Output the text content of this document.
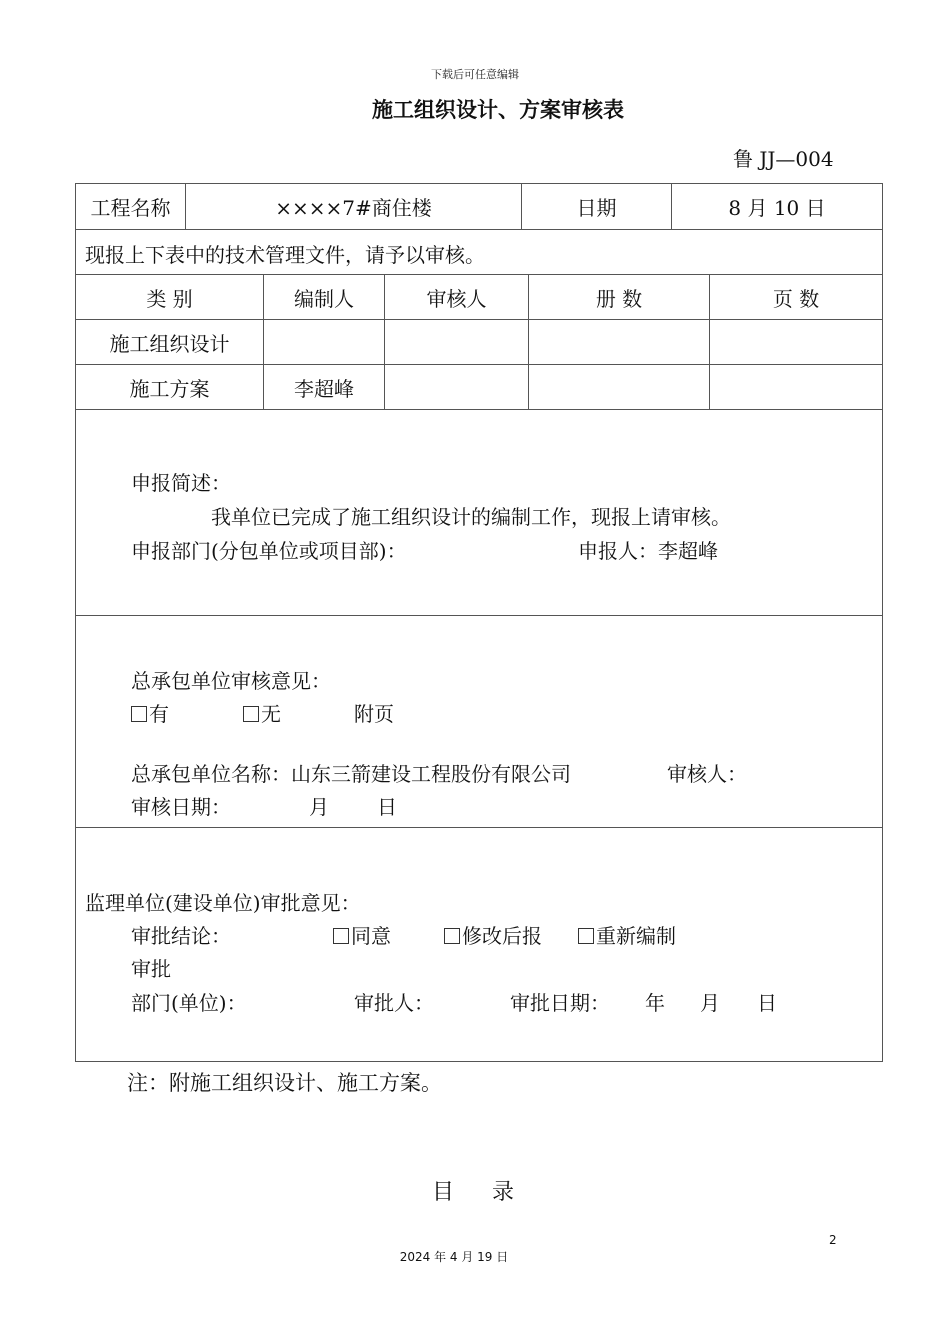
下载后可任意编辑
施工组织设计、方案审核表
鲁 JJ—004
工程名称	××××7#商住楼	日期	8 月 10 日
现报上下表中的技术管理文件，请予以审核。
类 别	编制人	审核人	册 数	页 数
施工组织设计
施工方案	李超峰
申报简述：
我单位已完成了施工组织设计的编制工作，现报上请审核。
申报部门(分包单位或项目部)：	申报人：李超峰
总承包单位审核意见：
有	无	附页
总承包单位名称：山东三箭建设工程股份有限公司	审核人：
审核日期：	月 日
监理单位(建设单位)审批意见：
审批结论：	同意	修改后报	重新编制
审批
部门(单位)：	审批人：	审批日期： 年 月 日
注：附施工组织设计、施工方案。
目    录
2
2024 年 4 月 19 日
